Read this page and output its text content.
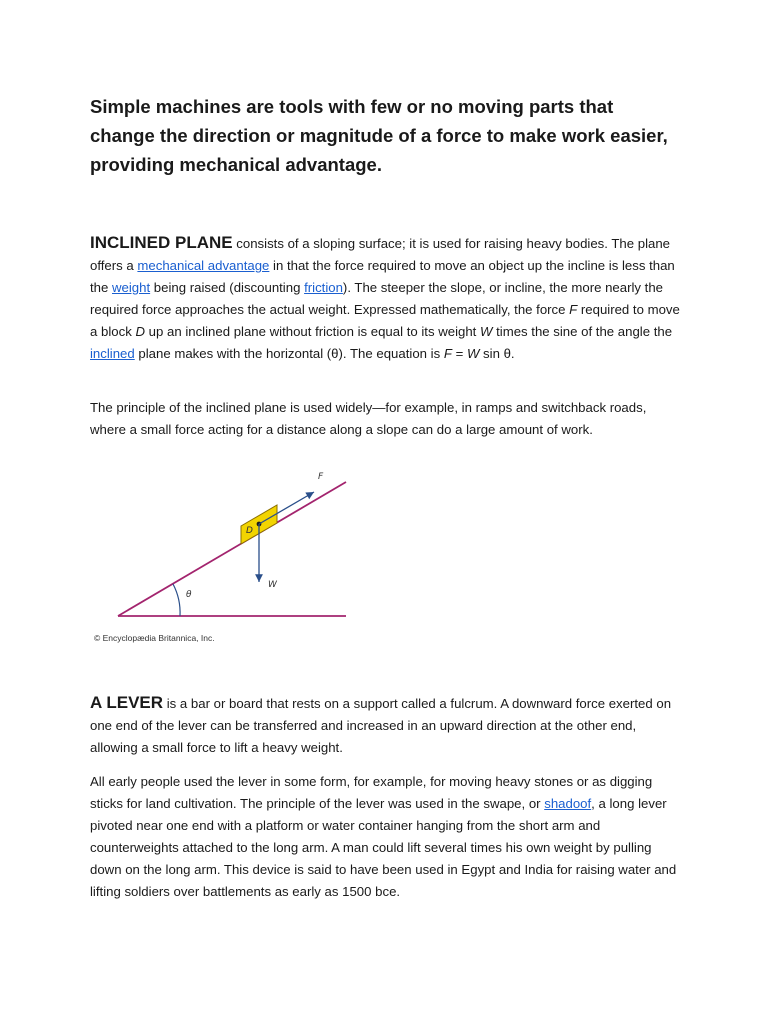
Simple machines are tools with few or no moving parts that change the direction or magnitude of a force to make work easier, providing mechanical advantage.

INCLINED PLANE consists of a sloping surface; it is used for raising heavy bodies. The plane offers a mechanical advantage in that the force required to move an object up the incline is less than the weight being raised (discounting friction). The steeper the slope, or incline, the more nearly the required force approaches the actual weight. Expressed mathematically, the force F required to move a block D up an inclined plane without friction is equal to its weight W times the sine of the angle the inclined plane makes with the horizontal (θ). The equation is F = W sin θ.

The principle of the inclined plane is used widely—for example, in ramps and switchback roads, where a small force acting for a distance along a slope can do a large amount of work.

F
D
W
θ
© Encyclopædia Britannica, Inc.

A LEVER is a bar or board that rests on a support called a fulcrum. A downward force exerted on one end of the lever can be transferred and increased in an upward direction at the other end, allowing a small force to lift a heavy weight.

All early people used the lever in some form, for example, for moving heavy stones or as digging sticks for land cultivation. The principle of the lever was used in the swape, or shadoof, a long lever pivoted near one end with a platform or water container hanging from the short arm and counterweights attached to the long arm. A man could lift several times his own weight by pulling down on the long arm. This device is said to have been used in Egypt and India for raising water and lifting soldiers over battlements as early as 1500 bce.
